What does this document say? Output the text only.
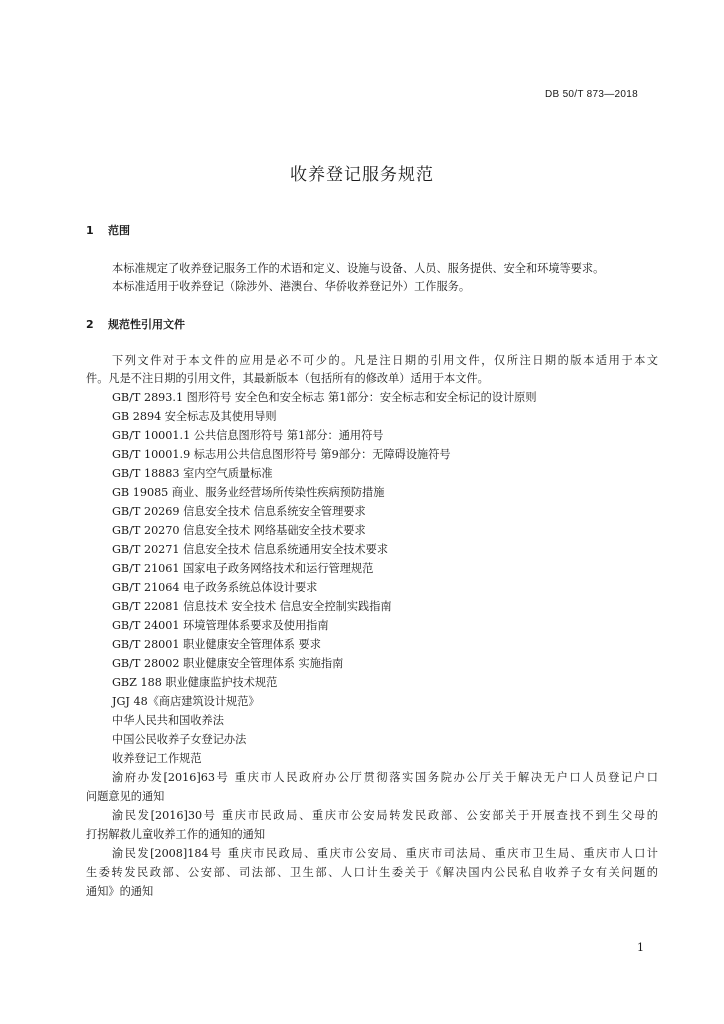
DB 50/T 873—2018
收养登记服务规范
1 范围
本标准规定了收养登记服务工作的术语和定义、设施与设备、人员、服务提供、安全和环境等要求。
本标准适用于收养登记（除涉外、港澳台、华侨收养登记外）工作服务。
2 规范性引用文件
下列文件对于本文件的应用是必不可少的。凡是注日期的引用文件，仅所注日期的版本适用于本文
件。凡是不注日期的引用文件，其最新版本（包括所有的修改单）适用于本文件。
GB/T 2893.1 图形符号 安全色和安全标志 第1部分：安全标志和安全标记的设计原则
GB 2894 安全标志及其使用导则
GB/T 10001.1 公共信息图形符号 第1部分：通用符号
GB/T 10001.9 标志用公共信息图形符号 第9部分：无障碍设施符号
GB/T 18883 室内空气质量标准
GB 19085 商业、服务业经营场所传染性疾病预防措施
GB/T 20269 信息安全技术 信息系统安全管理要求
GB/T 20270 信息安全技术 网络基础安全技术要求
GB/T 20271 信息安全技术 信息系统通用安全技术要求
GB/T 21061 国家电子政务网络技术和运行管理规范
GB/T 21064 电子政务系统总体设计要求
GB/T 22081 信息技术 安全技术 信息安全控制实践指南
GB/T 24001 环境管理体系要求及使用指南
GB/T 28001 职业健康安全管理体系 要求
GB/T 28002 职业健康安全管理体系 实施指南
GBZ 188 职业健康监护技术规范
JGJ 48《商店建筑设计规范》
中华人民共和国收养法
中国公民收养子女登记办法
收养登记工作规范
渝府办发[2016]63号 重庆市人民政府办公厅贯彻落实国务院办公厅关于解决无户口人员登记户口
问题意见的通知
渝民发[2016]30号 重庆市民政局、重庆市公安局转发民政部、公安部关于开展查找不到生父母的
打拐解救儿童收养工作的通知的通知
渝民发[2008]184号 重庆市民政局、重庆市公安局、重庆市司法局、重庆市卫生局、重庆市人口计
生委转发民政部、公安部、司法部、卫生部、人口计生委关于《解决国内公民私自收养子女有关问题的
通知》的通知
1
